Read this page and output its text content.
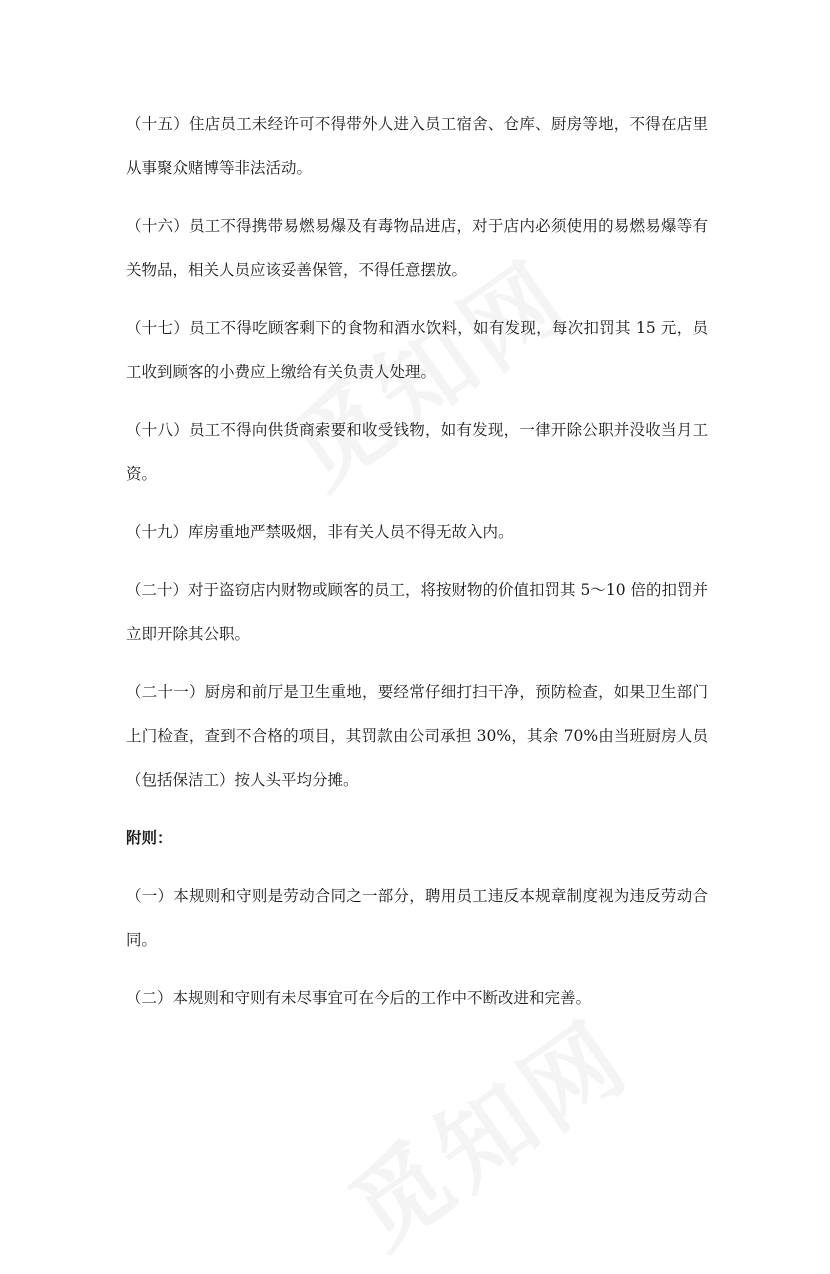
（十五）住店员工未经许可不得带外人进入员工宿舍、仓库、厨房等地，不得在店里从事聚众赌博等非法活动。

（十六）员工不得携带易燃易爆及有毒物品进店，对于店内必须使用的易燃易爆等有关物品，相关人员应该妥善保管，不得任意摆放。

（十七）员工不得吃顾客剩下的食物和酒水饮料，如有发现，每次扣罚其 15 元，员工收到顾客的小费应上缴给有关负责人处理。

（十八）员工不得向供货商索要和收受钱物，如有发现，一律开除公职并没收当月工资。

（十九）库房重地严禁吸烟，非有关人员不得无故入内。

（二十）对于盗窃店内财物或顾客的员工，将按财物的价值扣罚其 5～10 倍的扣罚并立即开除其公职。

（二十一）厨房和前厅是卫生重地，要经常仔细打扫干净，预防检查，如果卫生部门上门检查，查到不合格的项目，其罚款由公司承担 30%，其余 70%由当班厨房人员（包括保洁工）按人头平均分摊。

附则：

（一）本规则和守则是劳动合同之一部分，聘用员工违反本规章制度视为违反劳动合同。

（二）本规则和守则有未尽事宜可在今后的工作中不断改进和完善。
